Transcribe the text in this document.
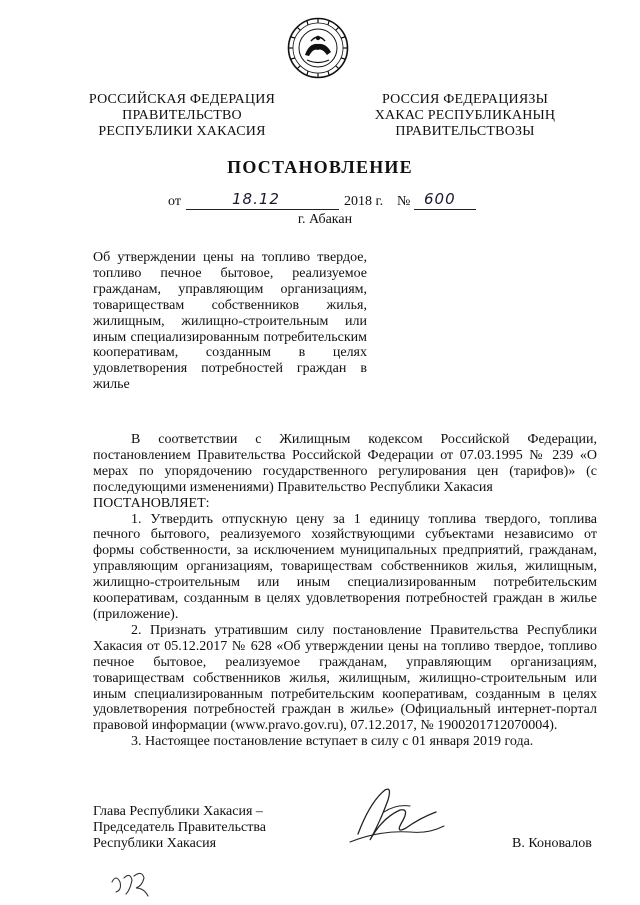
РОССИЙСКАЯ ФЕДЕРАЦИЯ
ПРАВИТЕЛЬСТВО
РЕСПУБЛИКИ ХАКАСИЯ
РОССИЯ ФЕДЕРАЦИЯЗЫ
ХАКАС РЕСПУБЛИКАНЫҢ
ПРАВИТЕЛЬСТВОЗЫ
ПОСТАНОВЛЕНИЕ
от	18.12	2018 г. № 600
г. Абакан
Об утверждении цены на топливо твердое, топливо печное бытовое, реализуемое гражданам, управляющим организациям, товариществам собственников жилья, жилищным, жилищно-строительным или иным специализированным потребительским кооперативам, созданным в целях удовлетворения потребностей граждан в жилье

В соответствии с Жилищным кодексом Российской Федерации, постановлением Правительства Российской Федерации от 07.03.1995 № 239 «О мерах по упорядочению государственного регулирования цен (тарифов)» (с последующими изменениями) Правительство Республики Хакасия
ПОСТАНОВЛЯЕТ:

1. Утвердить отпускную цену за 1 единицу топлива твердого, топлива печного бытового, реализуемого хозяйствующими субъектами независимо от формы собственности, за исключением муниципальных предприятий, гражданам, управляющим организациям, товариществам собственников жилья, жилищным, жилищно-строительным или иным специализированным потребительским кооперативам, созданным в целях удовлетворения потребностей граждан в жилье (приложение).

2. Признать утратившим силу постановление Правительства Республики Хакасия от 05.12.2017 № 628 «Об утверждении цены на топливо твердое, топливо печное бытовое, реализуемое гражданам, управляющим организациям, товариществам собственников жилья, жилищным, жилищно-строительным или иным специализированным потребительским кооперативам, созданным в целях удовлетворения потребностей граждан в жилье» (Официальный интернет-портал правовой информации (www.pravo.gov.ru), 07.12.2017, № 1900201712070004).

3. Настоящее постановление вступает в силу с 01 января 2019 года.

Глава Республики Хакасия –
Председатель Правительства
Республики Хакасия	В. Коновалов
